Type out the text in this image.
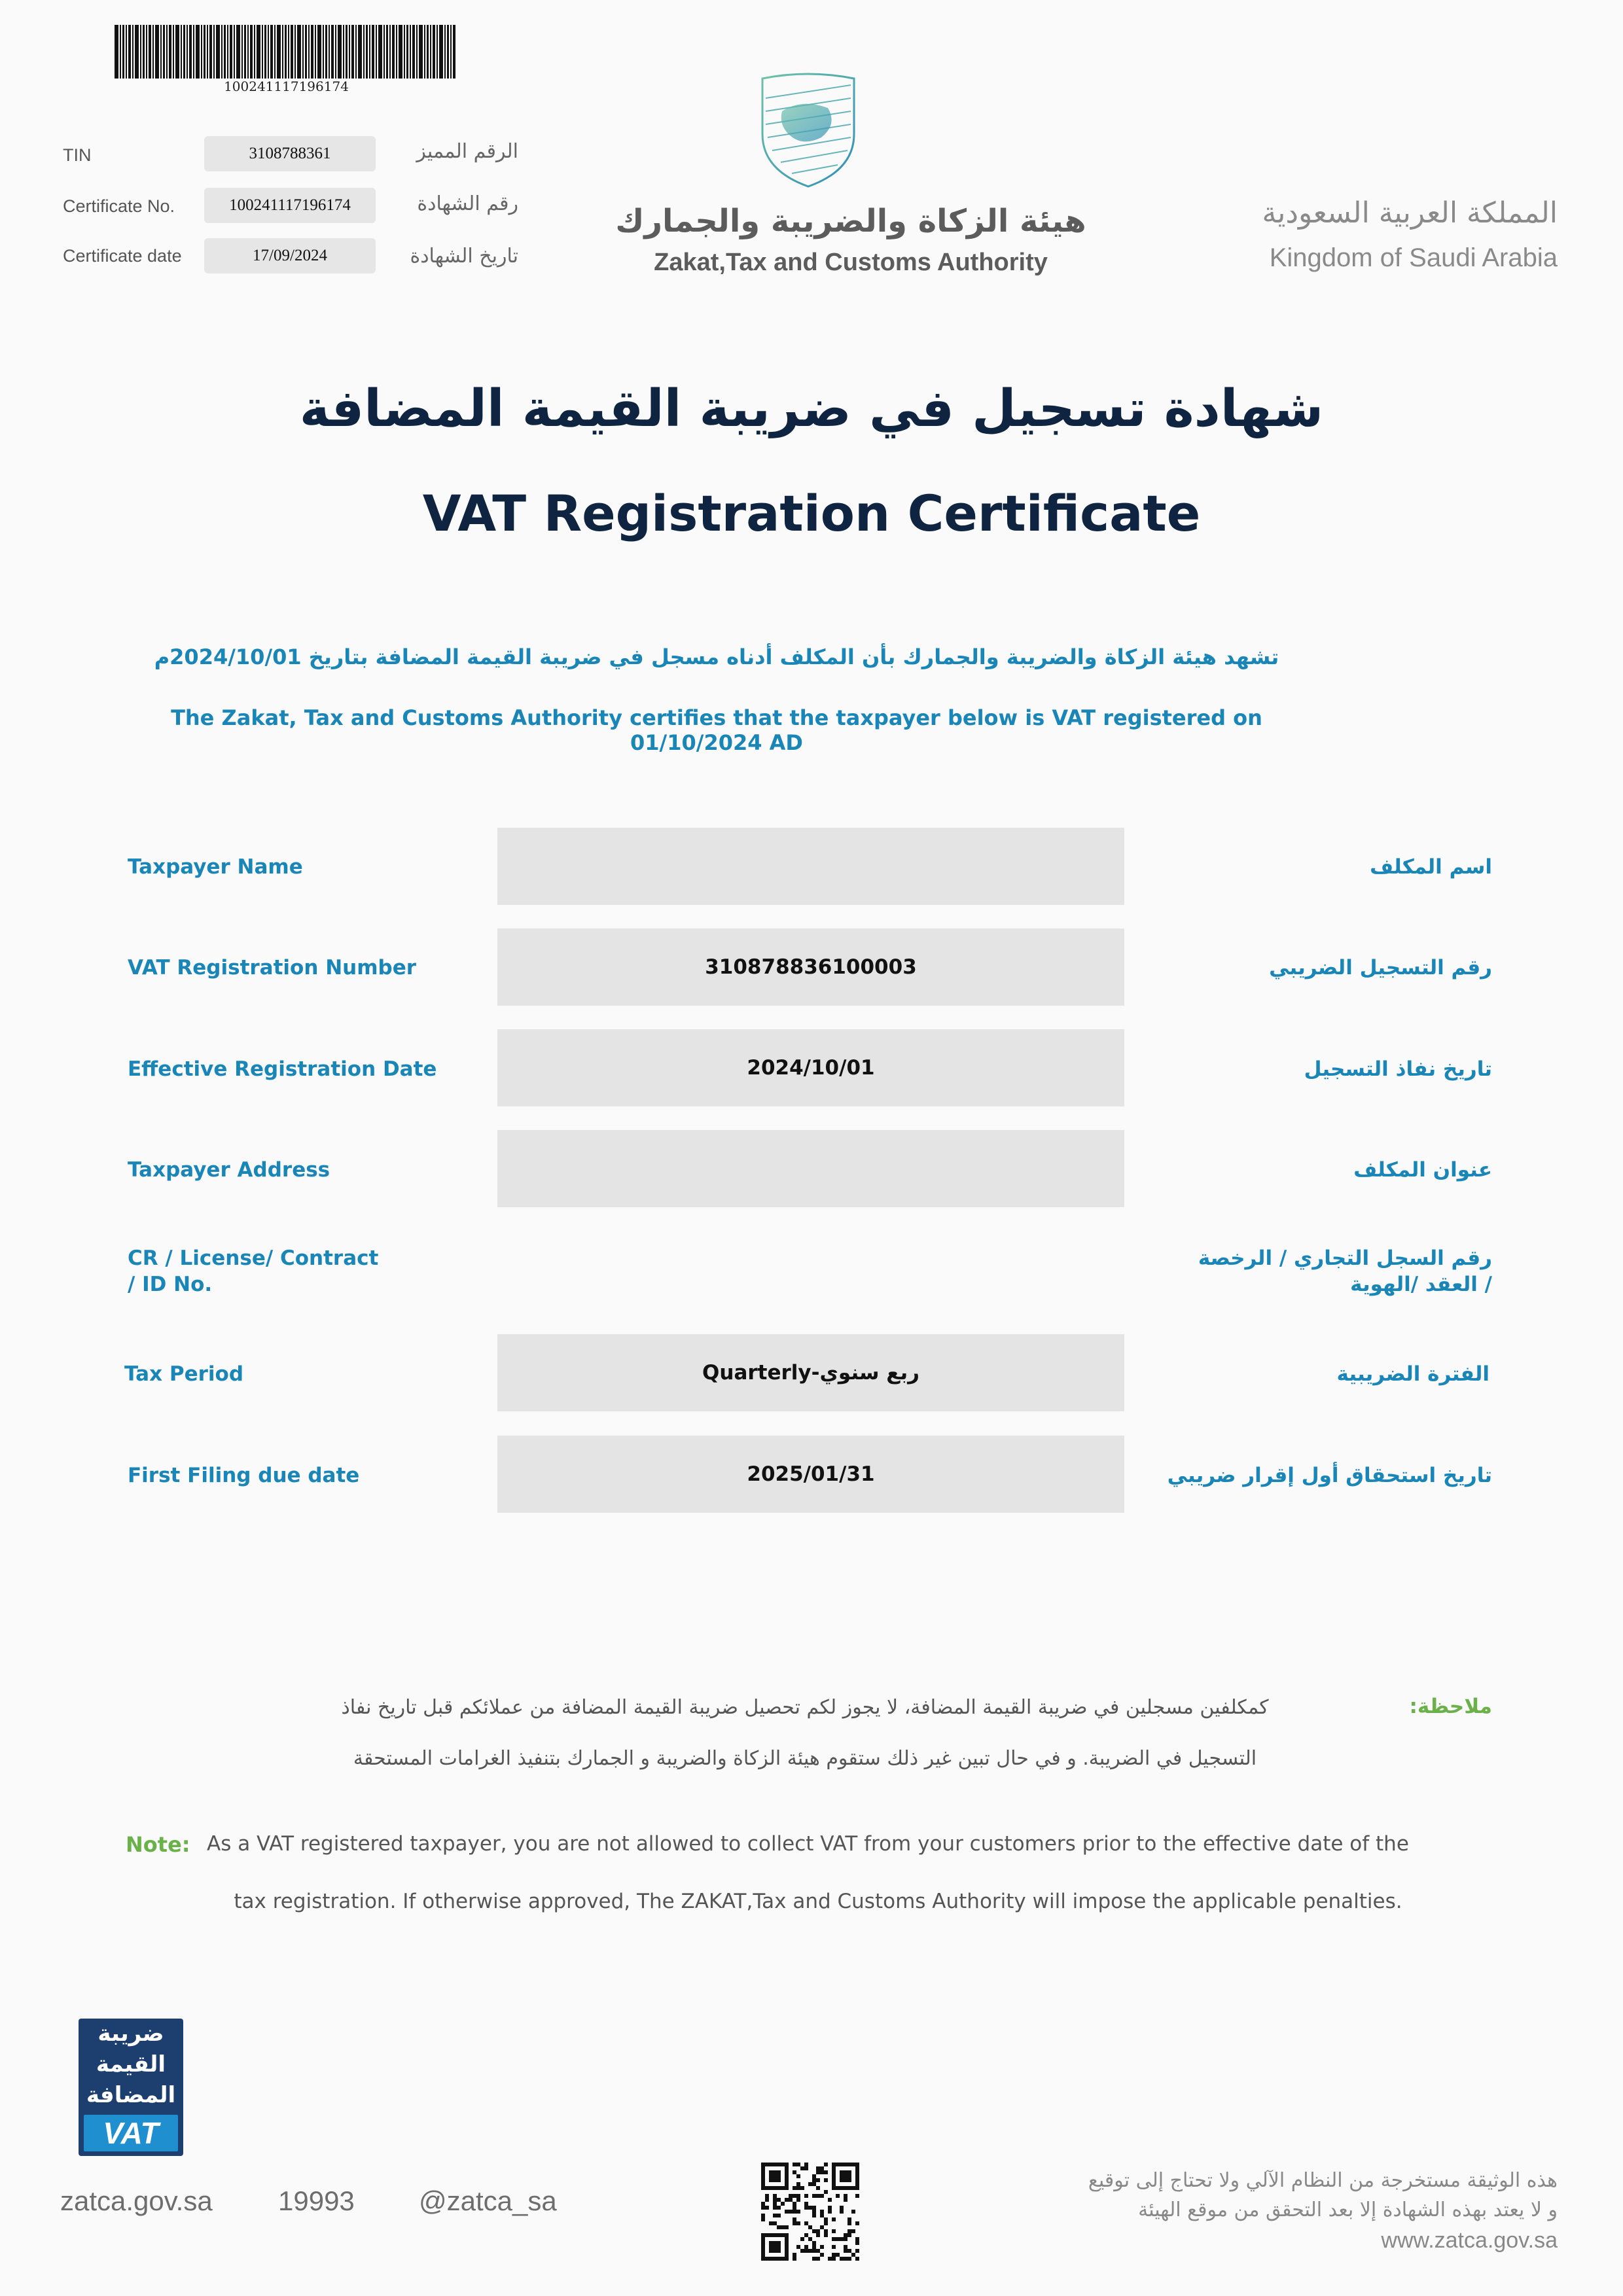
100241117196174
TIN	3108788361	الرقم المميز
Certificate No.	100241117196174	رقم الشهادة
Certificate date	17/09/2024	تاريخ الشهادة
هيئة الزكاة والضريبة والجمارك
Zakat,Tax and Customs Authority
المملكة العربية السعودية
Kingdom of Saudi Arabia
شهادة تسجيل في ضريبة القيمة المضافة
VAT Registration Certificate
تشهد هيئة الزكاة والضريبة والجمارك بأن المكلف أدناه مسجل في ضريبة القيمة المضافة بتاريخ 2024/10/01م
The Zakat, Tax and Customs Authority certifies that the taxpayer below is VAT registered on 01/10/2024 AD
Taxpayer Name	اسم المكلف
VAT Registration Number	310878836100003	رقم التسجيل الضريبي
Effective Registration Date	2024/10/01	تاريخ نفاذ التسجيل
Taxpayer Address	عنوان المكلف
CR / License/ Contract
/ ID No.
رقم السجل التجاري / الرخصة
/ العقد /الهوية
Tax Period	Quarterly-ربع سنوي	الفترة الضريبية
First Filing due date	2025/01/31	تاريخ استحقاق أول إقرار ضريبي
ملاحظة:
كمكلفين مسجلين في ضريبة القيمة المضافة، لا يجوز لكم تحصيل ضريبة القيمة المضافة من عملائكم قبل تاريخ نفاذ
التسجيل في الضريبة. و في حال تبين غير ذلك ستقوم هيئة الزكاة والضريبة و الجمارك بتنفيذ الغرامات المستحقة
Note: As a VAT registered taxpayer, you are not allowed to collect VAT from your customers prior to the effective date of the
tax registration. If otherwise approved, The ZAKAT,Tax and Customs Authority will impose the applicable penalties.
ضريبة
القيمة
المضافة
VAT
zatca.gov.sa 19993 @zatca_sa
هذه الوثيقة مستخرجة من النظام الآلي ولا تحتاج إلى توقيع
و لا يعتد بهذه الشهادة إلا بعد التحقق من موقع الهيئة
www.zatca.gov.sa
